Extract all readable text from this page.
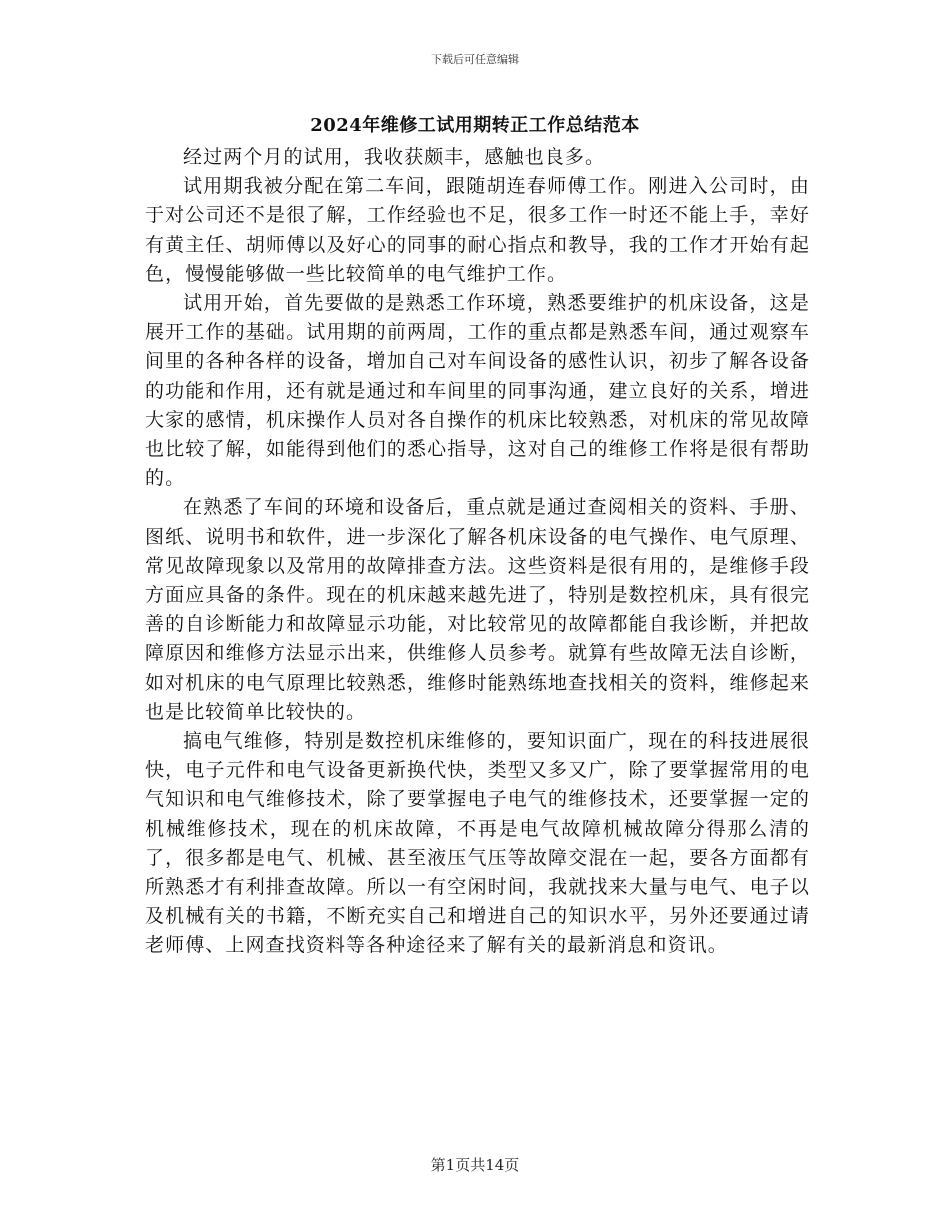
下载后可任意编辑
2024年维修工试用期转正工作总结范本

经过两个月的试用，我收获颇丰，感触也良多。

试用期我被分配在第二车间，跟随胡连春师傅工作。刚进入公司时，由于对公司还不是很了解，工作经验也不足，很多工作一时还不能上手，幸好有黄主任、胡师傅以及好心的同事的耐心指点和教导，我的工作才开始有起色，慢慢能够做一些比较简单的电气维护工作。

试用开始，首先要做的是熟悉工作环境，熟悉要维护的机床设备，这是展开工作的基础。试用期的前两周，工作的重点都是熟悉车间，通过观察车间里的各种各样的设备，增加自己对车间设备的感性认识，初步了解各设备的功能和作用，还有就是通过和车间里的同事沟通，建立良好的关系，增进大家的感情，机床操作人员对各自操作的机床比较熟悉，对机床的常见故障也比较了解，如能得到他们的悉心指导，这对自己的维修工作将是很有帮助的。

在熟悉了车间的环境和设备后，重点就是通过查阅相关的资料、手册、图纸、说明书和软件，进一步深化了解各机床设备的电气操作、电气原理、常见故障现象以及常用的故障排查方法。这些资料是很有用的，是维修手段方面应具备的条件。现在的机床越来越先进了，特别是数控机床，具有很完善的自诊断能力和故障显示功能，对比较常见的故障都能自我诊断，并把故障原因和维修方法显示出来，供维修人员参考。就算有些故障无法自诊断，如对机床的电气原理比较熟悉，维修时能熟练地查找相关的资料，维修起来也是比较简单比较快的。

搞电气维修，特别是数控机床维修的，要知识面广，现在的科技进展很快，电子元件和电气设备更新换代快，类型又多又广，除了要掌握常用的电气知识和电气维修技术，除了要掌握电子电气的维修技术，还要掌握一定的机械维修技术，现在的机床故障，不再是电气故障机械故障分得那么清的了，很多都是电气、机械、甚至液压气压等故障交混在一起，要各方面都有所熟悉才有利排查故障。所以一有空闲时间，我就找来大量与电气、电子以及机械有关的书籍，不断充实自己和增进自己的知识水平，另外还要通过请老师傅、上网查找资料等各种途径来了解有关的最新消息和资讯。

第1页共14页
